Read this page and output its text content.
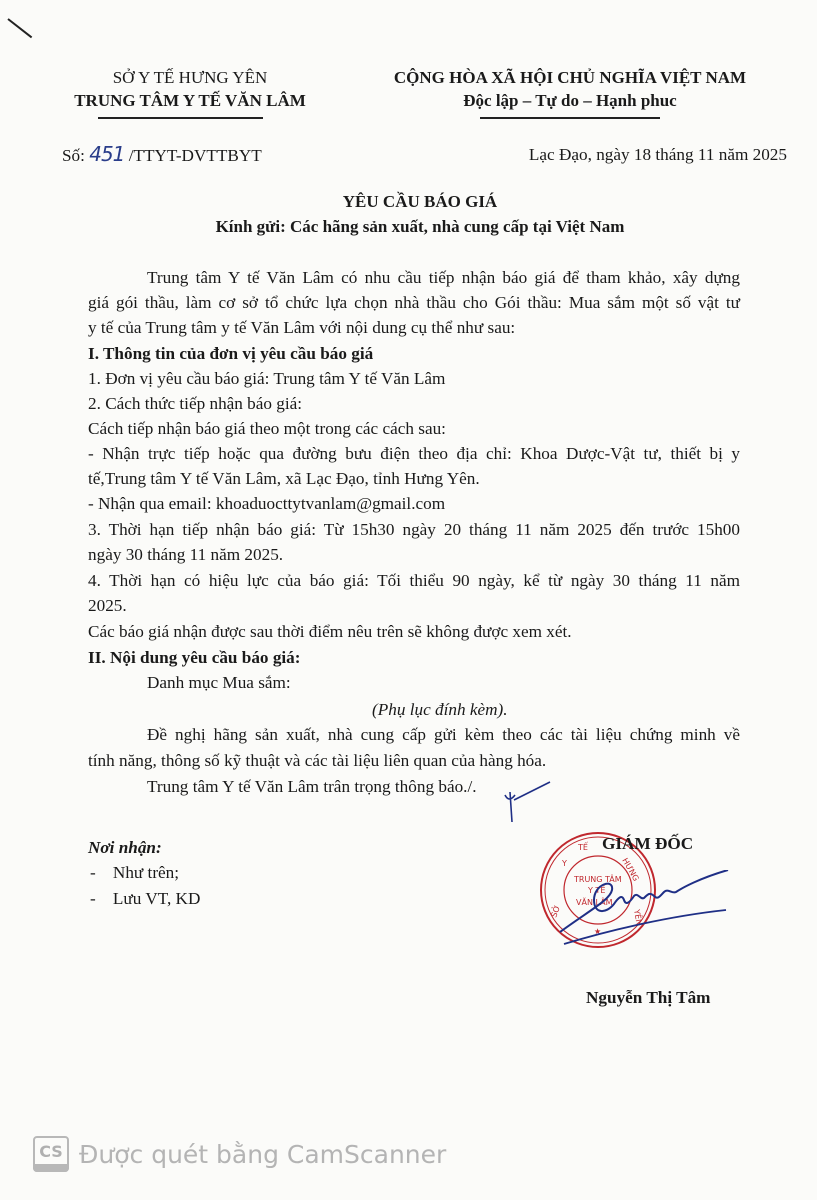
SỞ Y TẾ HƯNG YÊN
TRUNG TÂM Y TẾ VĂN LÂM
CỘNG HÒA XÃ HỘI CHỦ NGHĨA VIỆT NAM
Độc lập – Tự do – Hạnh phuc
Số: 451 /TTYT-DVTTBYT	Lạc Đạo, ngày 18 tháng 11 năm 2025
YÊU CẦU BÁO GIÁ
Kính gửi: Các hãng sản xuất, nhà cung cấp tại Việt Nam
Trung tâm Y tế Văn Lâm có nhu cầu tiếp nhận báo giá để tham khảo, xây dựng
giá gói thầu, làm cơ sở tổ chức lựa chọn nhà thầu cho Gói thầu: Mua sắm một số vật tư
y tế của Trung tâm y tế Văn Lâm với nội dung cụ thể như sau:
I. Thông tin của đơn vị yêu cầu báo giá
1. Đơn vị yêu cầu báo giá: Trung tâm Y tế Văn Lâm
2. Cách thức tiếp nhận báo giá:
Cách tiếp nhận báo giá theo một trong các cách sau:
- Nhận trực tiếp hoặc qua đường bưu điện theo địa chỉ: Khoa Dược-Vật tư, thiết bị y
tế,Trung tâm Y tế Văn Lâm, xã Lạc Đạo, tỉnh Hưng Yên.
- Nhận qua email: khoaduocttytvanlam@gmail.com
3. Thời hạn tiếp nhận báo giá: Từ 15h30 ngày 20 tháng 11 năm 2025 đến trước 15h00
ngày 30 tháng 11 năm 2025.
4. Thời hạn có hiệu lực của báo giá: Tối thiểu 90 ngày, kể từ ngày 30 tháng 11 năm
2025.
Các báo giá nhận được sau thời điểm nêu trên sẽ không được xem xét.
II. Nội dung yêu cầu báo giá:
Danh mục Mua sắm:
(Phụ lục đính kèm).
Đề nghị hãng sản xuất, nhà cung cấp gửi kèm theo các tài liệu chứng minh về
tính năng, thông số kỹ thuật và các tài liệu liên quan của hàng hóa.
Trung tâm Y tế Văn Lâm trân trọng thông báo./.
Nơi nhận:
-    Như trên;
-    Lưu VT, KD
SỞ
Y
TẾ
HƯNG
YÊN
TRUNG TÂM
Y TẾ
VĂN LÂM
★
GIÁM ĐỐC
Nguyễn Thị Tâm
CS Được quét bằng CamScanner
